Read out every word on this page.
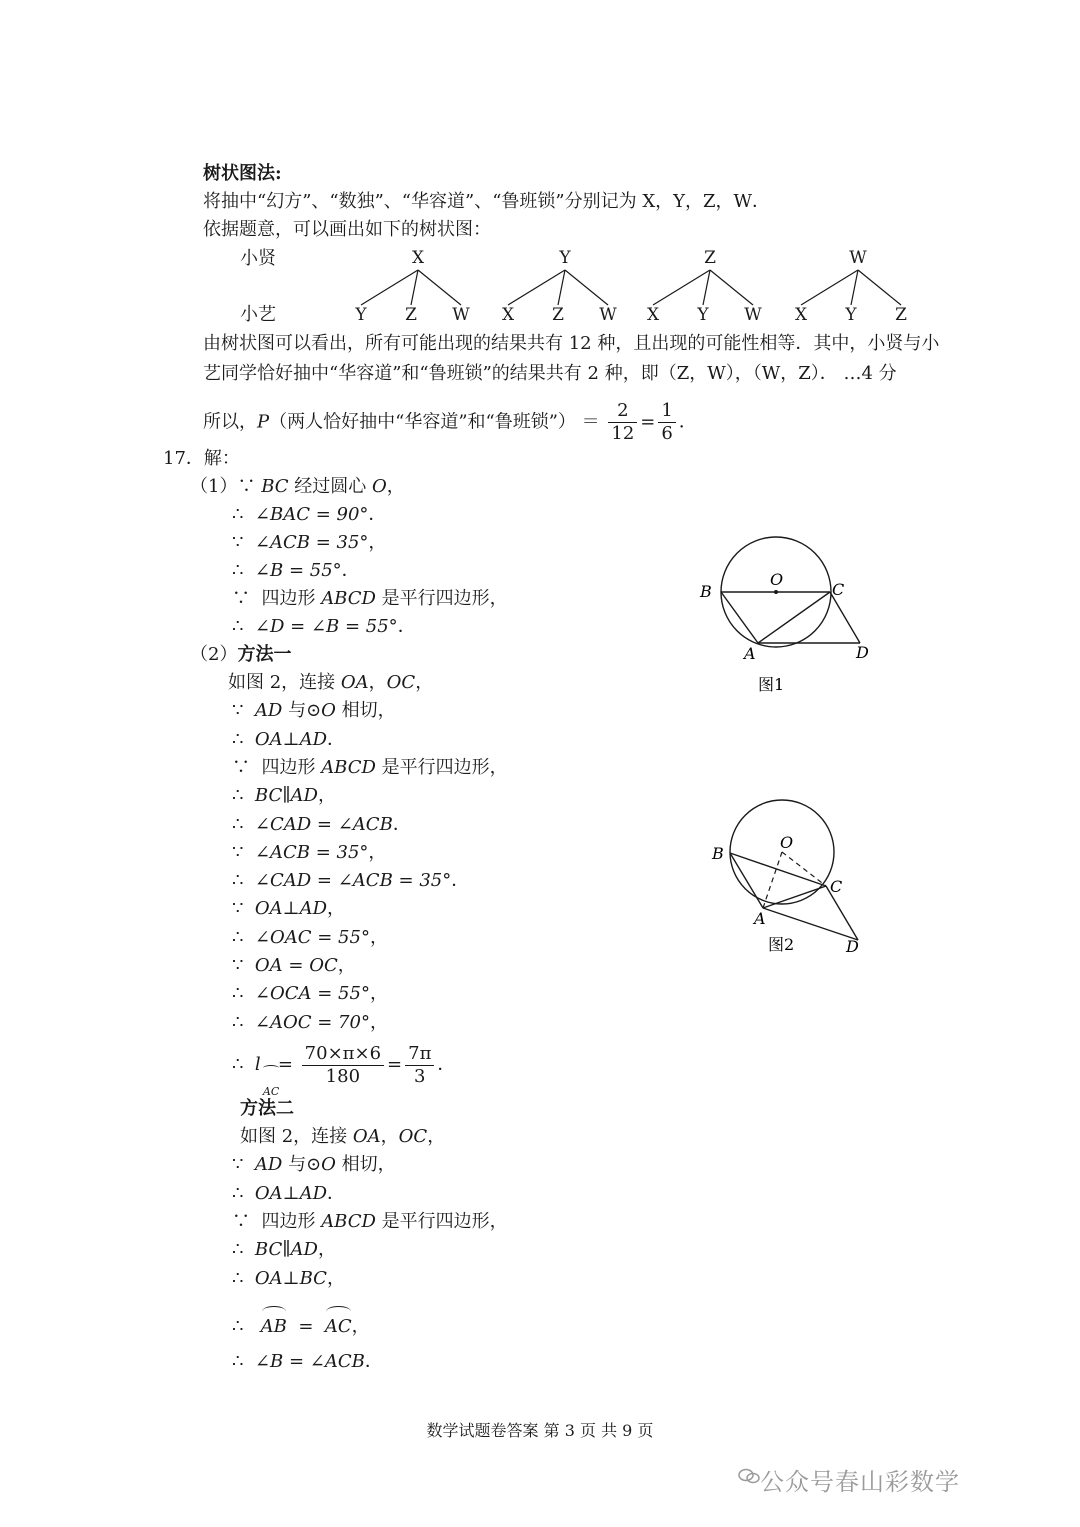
树状图法:
将抽中“幻方”、“数独”、“华容道”、“鲁班锁”分别记为 X，Y，Z，W．
依据题意，可以画出如下的树状图：
小贤
小艺
X
Y Z W
Y
X Z W
Z
X Y W
W
X Y Z
由树状图可以看出，所有可能出现的结果共有 12 种，且出现的可能性相等．其中，小贤与小
艺同学恰好抽中“华容道”和“鲁班锁”的结果共有 2 种，即（Z，W），（W，Z）． …4 分
所以，P（两人恰好抽中“华容道”和“鲁班锁”） ＝ $\frac{2}{12} = \frac{1}{6}$ ．
17．解：
（1）∵ BC 经过圆心 O，
∴ ∠BAC = 90°．
∵ ∠ACB = 35°，
∴ ∠B = 55°．
∵ 四边形 ABCD 是平行四边形，
∴ ∠D = ∠B = 55°．
（2）方法一
如图 2，连接 OA，OC，
∵ AD 与⊙O 相切，
∴ OA⊥AD．
∵ 四边形 ABCD 是平行四边形，
∴ BC∥AD，
∴ ∠CAD = ∠ACB．
∵ ∠ACB = 35°，
∴ ∠CAD = ∠ACB = 35°．
∵ OA⊥AD，
∴ ∠OAC = 55°，
∵ OA = OC，
∴ ∠OCA = 55°，
∴ ∠AOC = 70°，
∴ l
AC
= $\frac{70\times\pi\times 6}{180} = \frac{7\pi}{3}$ ．
方法二
如图 2，连接 OA，OC，
∵ AD 与⊙O 相切，
∴ OA⊥AD．
∵ 四边形 ABCD 是平行四边形，
∴ BC∥AD，
∴ OA⊥BC，
∴ AB = AC，
∴ ∠B = ∠ACB．
B
O
C
A	D
图1
B
O
C
A
D
图2
数学试题卷答案 第 3 页 共 9 页
公众号春山彩数学
